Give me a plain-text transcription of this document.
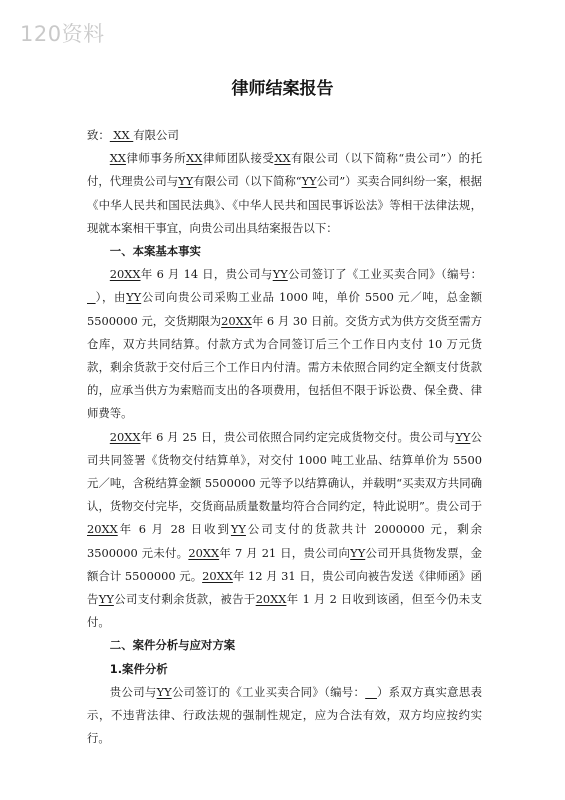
120资料
律师结案报告

致： XX 有限公司

XX律师事务所XX律师团队接受XX有限公司（以下简称“贵公司”）的托付，代理贵公司与YY有限公司（以下简称“YY公司”）买卖合同纠纷一案，根据《中华人民共和国民法典》、《中华人民共和国民事诉讼法》等相干法律法规，现就本案相干事宜，向贵公司出具结案报告以下：

一、本案基本事实

20XX年 6 月 14 日，贵公司与YY公司签订了《工业买卖合同》（编号：  ），由YY公司向贵公司采购工业品 1000 吨，单价 5500 元／吨，总金额 5500000 元，交货期限为20XX年 6 月 30 日前。交货方式为供方交货至需方仓库，双方共同结算。付款方式为合同签订后三个工作日内支付 10 万元货款，剩余货款于交付后三个工作日内付清。需方未依照合同约定全额支付货款的，应承当供方为索赔而支出的各项费用，包括但不限于诉讼费、保全费、律师费等。

20XX年 6 月 25 日，贵公司依照合同约定完成货物交付。贵公司与YY公司共同签署《货物交付结算单》，对交付 1000 吨工业品、结算单价为 5500 元／吨，含税结算金额 5500000 元等予以结算确认，并载明“买卖双方共同确认，货物交付完毕，交货商品质量数量均符合合同约定，特此说明”。贵公司于20XX年 6 月 28 日收到YY公司支付的货款共计 2000000 元，剩余 3500000 元未付。20XX年 7 月 21 日，贵公司向YY公司开具货物发票，金额合计 5500000 元。20XX年 12 月 31 日，贵公司向被告发送《律师函》函告YY公司支付剩余货款，被告于20XX年 1 月 2 日收到该函，但至今仍未支付。

二、案件分析与应对方案

1.案件分析

贵公司与YY公司签订的《工业买卖合同》（编号： ）系双方真实意思表示，不违背法律、行政法规的强制性规定，应为合法有效，双方均应按约实行。
